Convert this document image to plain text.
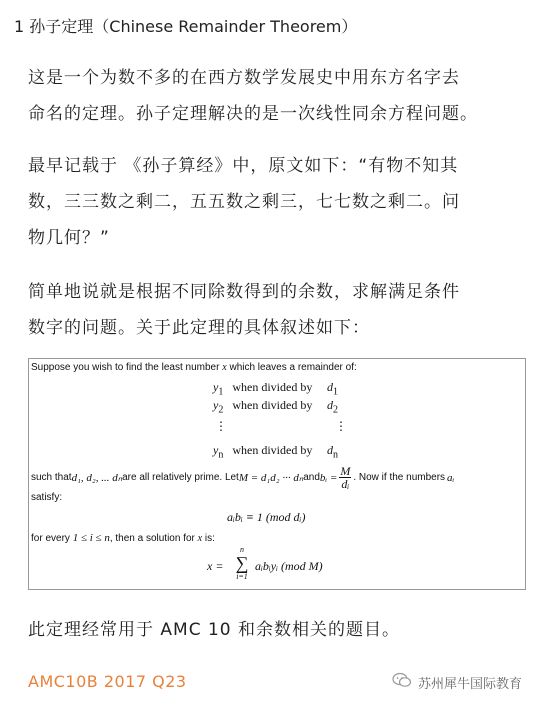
1 孙子定理（Chinese Remainder Theorem）
这是一个为数不多的在西方数学发展史中用东方名字去
命名的定理。孙子定理解决的是一次线性同余方程问题。
最早记载于 《孙子算经》中，原文如下：“有物不知其
数，三三数之剩二，五五数之剩三，七七数之剩二。问
物几何？”
简单地说就是根据不同除数得到的余数，求解满足条件
数字的问题。关于此定理的具体叙述如下：
Suppose you wish to find the least number x which leaves a remainder of:
$y_1$ when divided by $d_1$
$y_2$ when divided by $d_2$
⋮	⋮
$y_n$ when divided by $d_n$
such that d₁, d₂, ... dₙ are all relatively prime. Let M = d₁d₂ ··· dₙ and bᵢ = $\frac{M}{\text{dᵢ}}$ . Now if the numbers aᵢ
satisfy:
aᵢbᵢ ≡ 1 (mod dᵢ)
for every 1 ≤ i ≤ n, then a solution for x is:
x =
n
∑
i=1
aᵢbᵢyᵢ (mod M)
此定理经常用于 AMC 10 和余数相关的题目。
AMC10B 2017 Q23	苏州犀牛国际教育
